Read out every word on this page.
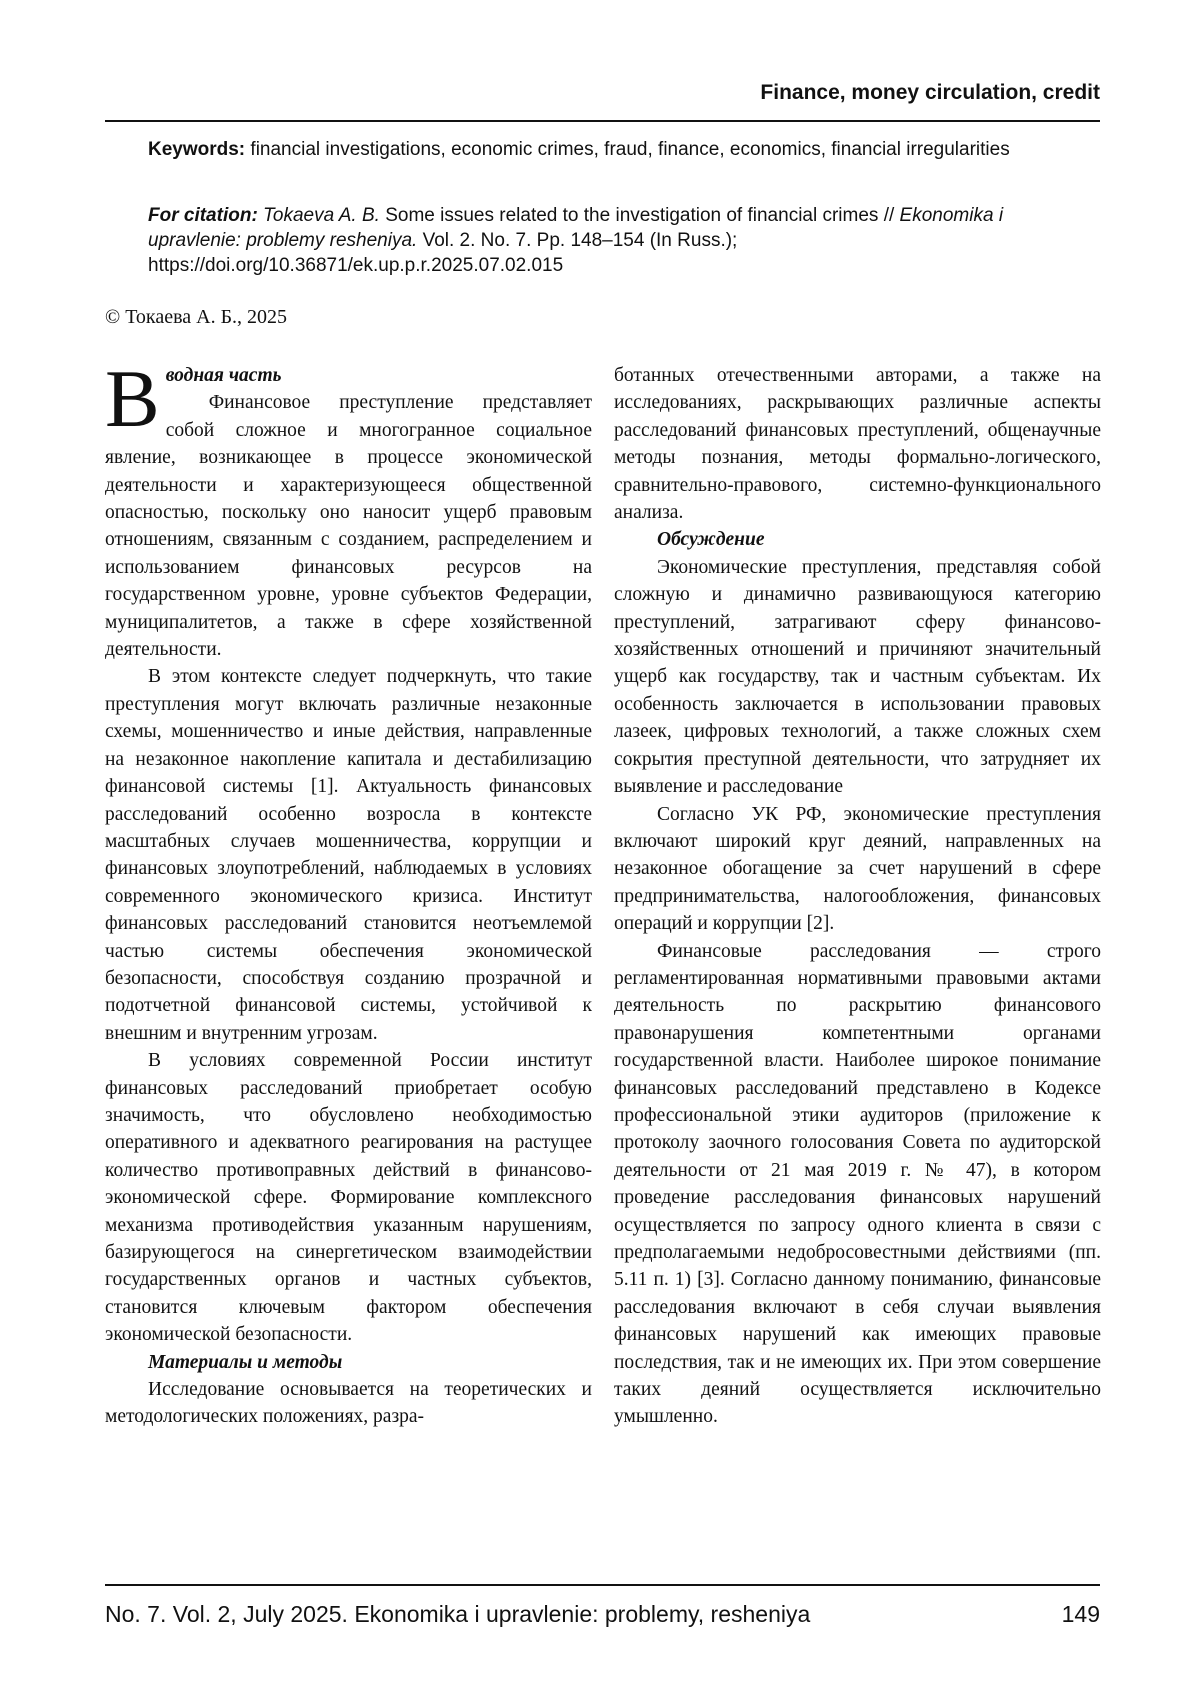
Finance, money circulation, credit

Keywords: financial investigations, economic crimes, fraud, finance, economics, financial irregularities

For citation: Tokaeva A. B. Some issues related to the investigation of financial crimes // Ekonomika i upravlenie: problemy resheniya. Vol. 2. No. 7. Pp. 148–154 (In Russ.); https://doi.org/10.36871/ek.up.p.r.2025.07.02.015

© Токаева А. Б., 2025

В водная часть

Финансовое преступление представляет собой сложное и многогранное социальное явление, возникающее в процессе экономической деятельности и характеризующееся общественной опасностью, поскольку оно наносит ущерб правовым отношениям, связанным с созданием, распределением и использованием финансовых ресурсов на государственном уровне, уровне субъектов Федерации, муниципалитетов, а также в сфере хозяйственной деятельности.

В этом контексте следует подчеркнуть, что такие преступления могут включать различные незаконные схемы, мошенничество и иные действия, направленные на незаконное накопление капитала и дестабилизацию финансовой системы [1]. Актуальность финансовых расследований особенно возросла в контексте масштабных случаев мошенничества, коррупции и финансовых злоупотреблений, наблюдаемых в условиях современного экономического кризиса. Институт финансовых расследований становится неотъемлемой частью системы обеспечения экономической безопасности, способствуя созданию прозрачной и подотчетной финансовой системы, устойчивой к внешним и внутренним угрозам.

В условиях современной России институт финансовых расследований приобретает особую значимость, что обусловлено необходимостью оперативного и адекватного реагирования на растущее количество противоправных действий в финансово-экономической сфере. Формирование комплексного механизма противодействия указанным нарушениям, базирующегося на синергетическом взаимодействии государственных органов и частных субъектов, становится ключевым фактором обеспечения экономической безопасности.

Материалы и методы

Исследование основывается на теоретических и методологических положениях, разра-

ботанных отечественными авторами, а также на исследованиях, раскрывающих различные аспекты расследований финансовых преступлений, общенаучные методы познания, методы формально-логического, сравнительно-правового, системно-функционального анализа.

Обсуждение

Экономические преступления, представляя собой сложную и динамично развивающуюся категорию преступлений, затрагивают сферу финансово-хозяйственных отношений и причиняют значительный ущерб как государству, так и частным субъектам. Их особенность заключается в использовании правовых лазеек, цифровых технологий, а также сложных схем сокрытия преступной деятельности, что затрудняет их выявление и расследование

Согласно УК РФ, экономические преступления включают широкий круг деяний, направленных на незаконное обогащение за счет нарушений в сфере предпринимательства, налогообложения, финансовых операций и коррупции [2].

Финансовые расследования — строго регламентированная нормативными правовыми актами деятельность по раскрытию финансового правонарушения компетентными органами государственной власти. Наиболее широкое понимание финансовых расследований представлено в Кодексе профессиональной этики аудиторов (приложение к протоколу заочного голосования Совета по аудиторской деятельности от 21 мая 2019 г. № 47), в котором проведение расследования финансовых нарушений осуществляется по запросу одного клиента в связи с предполагаемыми недобросовестными действиями (пп. 5.11 п. 1) [3]. Согласно данному пониманию, финансовые расследования включают в себя случаи выявления финансовых нарушений как имеющих правовые последствия, так и не имеющих их. При этом совершение таких деяний осуществляется исключительно умышленно.

No. 7. Vol. 2, July 2025. Ekonomika i upravlenie: problemy, resheniya	149
